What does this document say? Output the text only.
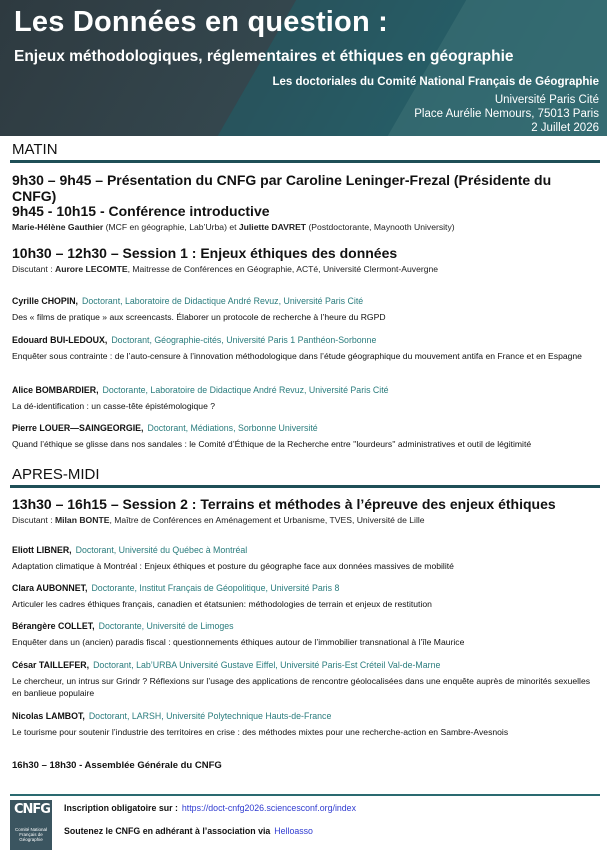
Les Données en question :
Enjeux méthodologiques, réglementaires et éthiques en géographie
Les doctoriales du Comité National Français de Géographie
Université Paris Cité
Place Aurélie Nemours, 75013 Paris
2 Juillet 2026
MATIN
9h30 – 9h45 – Présentation du CNFG par Caroline Leninger-Frezal (Présidente du CNFG)
9h45 - 10h15 - Conférence introductive
Marie-Hélène Gauthier (MCF en géographie, Lab’Urba) et Juliette DAVRET (Postdoctorante, Maynooth University)
10h30 – 12h30 – Session 1 : Enjeux éthiques des données
Discutant : Aurore LECOMTE, Maitresse de Conférences en Géographie, ACTé, Université Clermont-Auvergne
Cyrille CHOPIN, Doctorant, Laboratoire de Didactique André Revuz, Université Paris Cité
Des « films de pratique » aux screencasts. Élaborer un protocole de recherche à l’heure du RGPD
Edouard BUI-LEDOUX, Doctorant, Géographie-cités, Université Paris 1 Panthéon-Sorbonne
Enquêter sous contrainte : de l’auto-censure à l’innovation méthodologique dans l’étude géographique du mouvement antifa en France et en Espagne
Alice BOMBARDIER, Doctorante, Laboratoire de Didactique André Revuz, Université Paris Cité
La dé-identification : un casse-tête épistémologique ?
Pierre LOUER—SAINGEORGIE, Doctorant, Médiations, Sorbonne Université
Quand l’éthique se glisse dans nos sandales : le Comité d’Éthique de la Recherche entre ''lourdeurs'' administratives et outil de légitimité
APRES-MIDI
13h30 – 16h15 – Session 2 : Terrains et méthodes à l’épreuve des enjeux éthiques
Discutant : Milan BONTE, Maître de Conférences en Aménagement et Urbanisme, TVES, Université de Lille
Eliott LIBNER, Doctorant, Université du Québec à Montréal
Adaptation climatique à Montréal : Enjeux éthiques et posture du géographe face aux données massives de mobilité
Clara AUBONNET, Doctorante, Institut Français de Géopolitique, Université Paris 8
Articuler les cadres éthiques français, canadien et étatsunien: méthodologies de terrain et enjeux de restitution
Bérangère COLLET, Doctorante, Université de Limoges
Enquêter dans un (ancien) paradis fiscal : questionnements éthiques autour de l’immobilier transnational à l’île Maurice
César TAILLEFER, Doctorant, Lab’URBA Université Gustave Eiffel, Université Paris-Est Créteil Val-de-Marne
Le chercheur, un intrus sur Grindr ? Réflexions sur l’usage des applications de rencontre géolocalisées dans une enquête auprès de minorités sexuelles en banlieue populaire
Nicolas LAMBOT, Doctorant, LARSH, Université Polytechnique Hauts-de-France
Le tourisme pour soutenir l’industrie des territoires en crise : des méthodes mixtes pour une recherche-action en Sambre-Avesnois
16h30 – 18h30 - Assemblée Générale du CNFG
CNFG
Comité National Français de Géographie
Inscription obligatoire sur : https://doct-cnfg2026.sciencesconf.org/index
Soutenez le CNFG en adhérant à l’association via Helloasso
